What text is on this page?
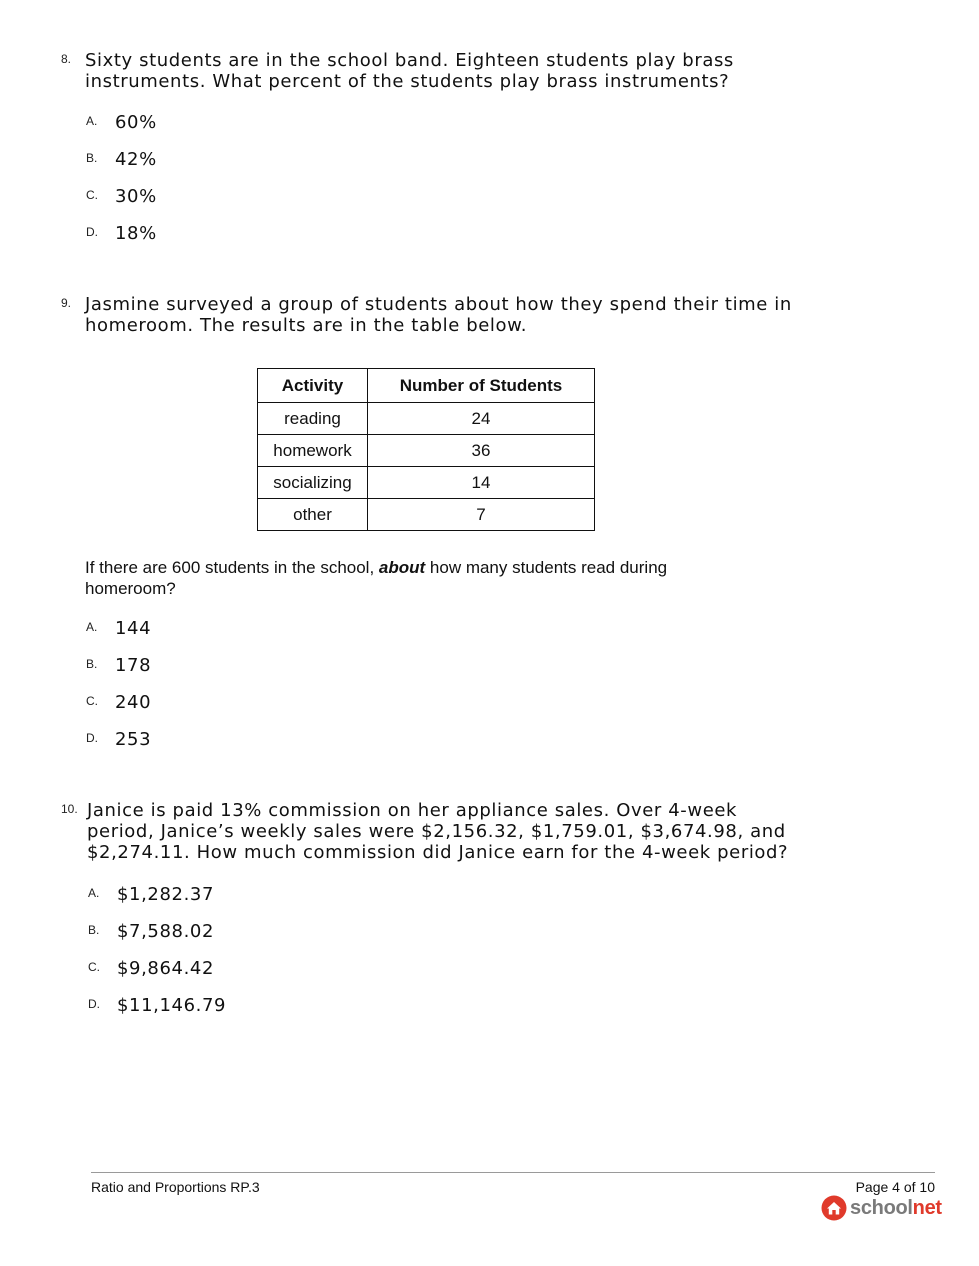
8. Sixty students are in the school band. Eighteen students play brass
instruments. What percent of the students play brass instruments?

A. 60%
B. 42%
C. 30%
D. 18%
9. Jasmine surveyed a group of students about how they spend their time in
homeroom. The results are in the table below.

Activity	Number of Students
reading	24
homework	36
socializing	14
other	7

If there are 600 students in the school, about how many students read during
homeroom?

A. 144
B. 178
C. 240
D. 253
10. Janice is paid 13% commission on her appliance sales. Over 4-week
period, Janice’s weekly sales were $2,156.32, $1,759.01, $3,674.98, and
$2,274.11. How much commission did Janice earn for the 4-week period?

A. $1,282.37
B. $7,588.02
C. $9,864.42
D. $11,146.79
Ratio and Proportions RP.3	Page 4 of 10
schoolnet
